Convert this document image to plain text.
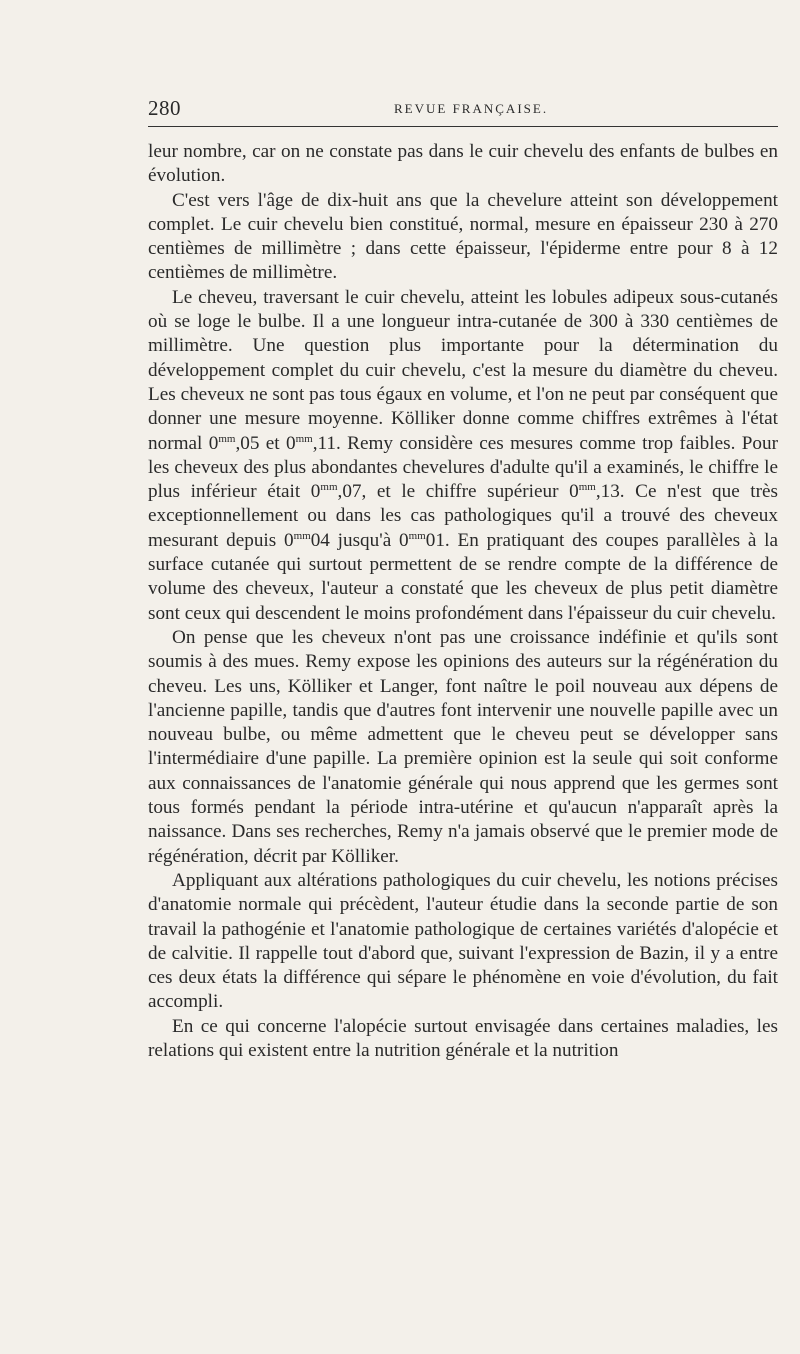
280	REVUE FRANÇAISE.

leur nombre, car on ne constate pas dans le cuir chevelu des enfants de bulbes en évolution.

C'est vers l'âge de dix-huit ans que la chevelure atteint son développement complet. Le cuir chevelu bien constitué, normal, mesure en épaisseur 230 à 270 centièmes de millimètre ; dans cette épaisseur, l'épiderme entre pour 8 à 12 centièmes de millimètre.

Le cheveu, traversant le cuir chevelu, atteint les lobules adipeux sous-cutanés où se loge le bulbe. Il a une longueur intra-cutanée de 300 à 330 centièmes de millimètre. Une question plus importante pour la détermination du développement complet du cuir chevelu, c'est la mesure du diamètre du cheveu. Les cheveux ne sont pas tous égaux en volume, et l'on ne peut par conséquent que donner une mesure moyenne. Kölliker donne comme chiffres extrêmes à l'état normal $0^{mm},05$ et $0^{mm},11$. Remy considère ces mesures comme trop faibles. Pour les cheveux des plus abondantes chevelures d'adulte qu'il a examinés, le chiffre le plus inférieur était $0^{mm},07$, et le chiffre supérieur $0^{mm},13$. Ce n'est que très exceptionnellement ou dans les cas pathologiques qu'il a trouvé des cheveux mesurant depuis $0^{mm}04$ jusqu'à $0^{mm}01$. En pratiquant des coupes parallèles à la surface cutanée qui surtout permettent de se rendre compte de la différence de volume des cheveux, l'auteur a constaté que les cheveux de plus petit diamètre sont ceux qui descendent le moins profondément dans l'épaisseur du cuir chevelu.

On pense que les cheveux n'ont pas une croissance indéfinie et qu'ils sont soumis à des mues. Remy expose les opinions des auteurs sur la régénération du cheveu. Les uns, Kölliker et Langer, font naître le poil nouveau aux dépens de l'ancienne papille, tandis que d'autres font intervenir une nouvelle papille avec un nouveau bulbe, ou même admettent que le cheveu peut se développer sans l'intermédiaire d'une papille. La première opinion est la seule qui soit conforme aux connaissances de l'anatomie générale qui nous apprend que les germes sont tous formés pendant la période intra-utérine et qu'aucun n'apparaît après la naissance. Dans ses recherches, Remy n'a jamais observé que le premier mode de régénération, décrit par Kölliker.

Appliquant aux altérations pathologiques du cuir chevelu, les notions précises d'anatomie normale qui précèdent, l'auteur étudie dans la seconde partie de son travail la pathogénie et l'anatomie pathologique de certaines variétés d'alopécie et de calvitie. Il rappelle tout d'abord que, suivant l'expression de Bazin, il y a entre ces deux états la différence qui sépare le phénomène en voie d'évolution, du fait accompli.

En ce qui concerne l'alopécie surtout envisagée dans certaines maladies, les relations qui existent entre la nutrition générale et la nutrition
